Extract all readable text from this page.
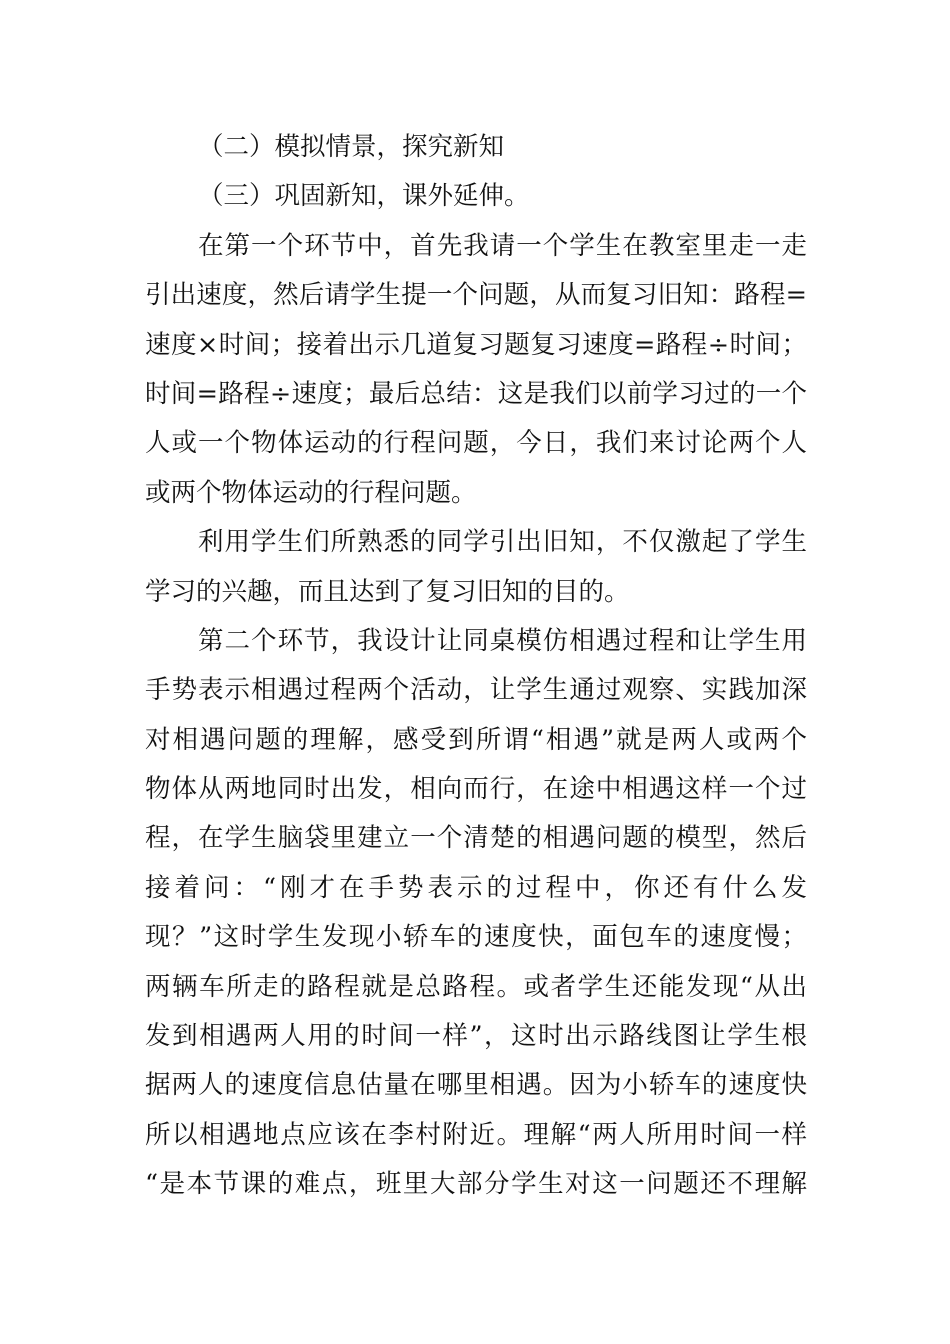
（二）模拟情景，探究新知
（三）巩固新知，课外延伸。
在第一个环节中，首先我请一个学生在教室里走一走
引出速度，然后请学生提一个问题，从而复习旧知：路程=
速度×时间；接着出示几道复习题复习速度=路程÷时间；
时间=路程÷速度；最后总结：这是我们以前学习过的一个
人或一个物体运动的行程问题，今日，我们来讨论两个人
或两个物体运动的行程问题。
利用学生们所熟悉的同学引出旧知，不仅激起了学生
学习的兴趣，而且达到了复习旧知的目的。
第二个环节，我设计让同桌模仿相遇过程和让学生用
手势表示相遇过程两个活动，让学生通过观察、实践加深
对相遇问题的理解，感受到所谓“相遇”就是两人或两个
物体从两地同时出发，相向而行，在途中相遇这样一个过
程，在学生脑袋里建立一个清楚的相遇问题的模型，然后
接着问：“刚才在手势表示的过程中，你还有什么发
现？”这时学生发现小轿车的速度快，面包车的速度慢；
两辆车所走的路程就是总路程。或者学生还能发现“从出
发到相遇两人用的时间一样”，这时出示路线图让学生根
据两人的速度信息估量在哪里相遇。因为小轿车的速度快
所以相遇地点应该在李村附近。理解“两人所用时间一样
“是本节课的难点，班里大部分学生对这一问题还不理解
